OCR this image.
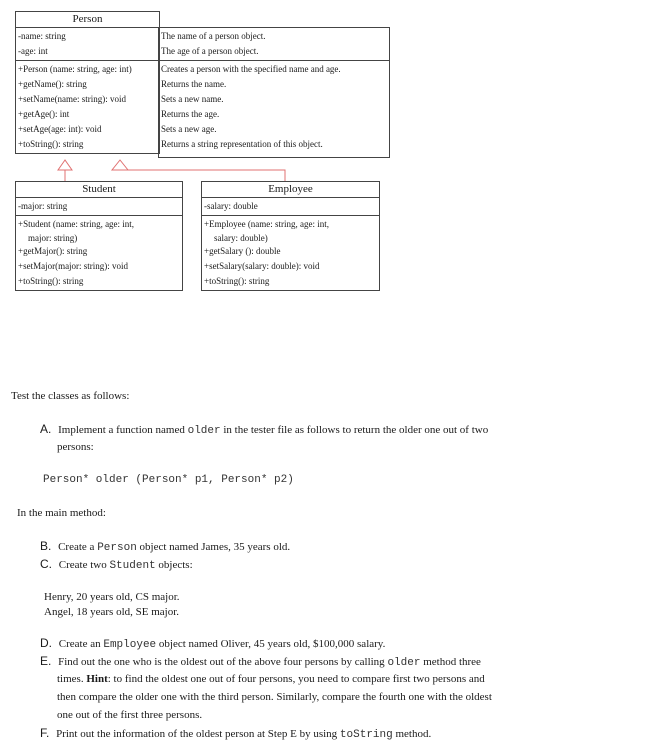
Person
-name: string
-age: int
+Person (name: string, age: int)
+getName(): string
+setName(name: string): void
+getAge(): int
+setAge(age: int): void
+toString(): string
The name of a person object.
The age of a person object.
Creates a person with the specified name and age.
Returns the name.
Sets a new name.
Returns the age.
Sets a new age.
Returns a string representation of this object.
Student
-major: string
+Student (name: string, age: int,
major: string)
+getMajor(): string
+setMajor(major: string): void
+toString(): string
Employee
-salary: double
+Employee (name: string, age: int,
salary: double)
+getSalary (): double
+setSalary(salary: double): void
+toString(): string
Test the classes as follows:
A. Implement a function named older in the tester file as follows to return the older one out of two
persons:
Person* older (Person* p1, Person* p2)
In the main method:
B. Create a Person object named James, 35 years old.
C. Create two Student objects:
Henry, 20 years old, CS major.
Angel, 18 years old, SE major.
D. Create an Employee object named Oliver, 45 years old, $100,000 salary.
E. Find out the one who is the oldest out of the above four persons by calling older method three
times. Hint: to find the oldest one out of four persons, you need to compare first two persons and
then compare the older one with the third person. Similarly, compare the fourth one with the oldest
one out of the first three persons.
F. Print out the information of the oldest person at Step E by using toString method.
